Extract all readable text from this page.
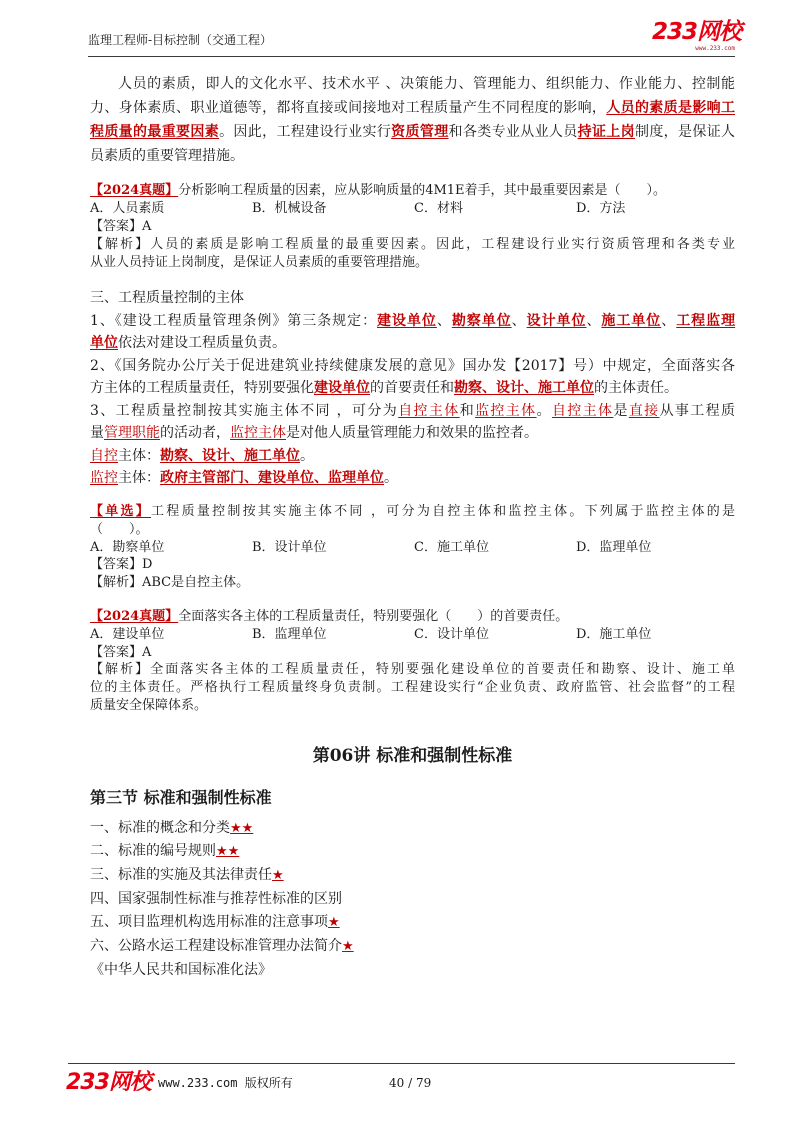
监理工程师-目标控制（交通工程）	233网校
www.233.com
人员的素质，即人的文化水平、技术水平 、决策能力、管理能力、组织能力、作业能力、控制能
力、身体素质、职业道德等，都将直接或间接地对工程质量产生不同程度的影响，人员的素质是影响工
程质量的最重要因素。因此，工程建设行业实行资质管理和各类专业从业人员持证上岗制度，是保证人
员素质的重要管理措施。
【2024真题】分析影响工程质量的因素，应从影响质量的4M1E着手，其中最重要因素是（　　）。
A．人员素质	B．机械设备	C．材料	D．方法
【答案】A
【解析】人员的素质是影响工程质量的最重要因素。因此，工程建设行业实行资质管理和各类专业
从业人员持证上岗制度，是保证人员素质的重要管理措施。
三、工程质量控制的主体
1、《建设工程质量管理条例》第三条规定：建设单位、勘察单位、设计单位、施工单位、工程监理
单位依法对建设工程质量负责。
2、《国务院办公厅关于促进建筑业持续健康发展的意见》国办发【2017】号）中规定，全面落实各
方主体的工程质量责任，特别要强化建设单位的首要责任和勘察、设计、施工单位的主体责任。
3、工程质量控制按其实施主体不同 ，可分为自控主体和监控主体。自控主体是直接从事工程质
量管理职能的活动者，监控主体是对他人质量管理能力和效果的监控者。
自控主体：勘察、设计、施工单位。
监控主体：政府主管部门、建设单位、监理单位。
【单选】工程质量控制按其实施主体不同 ，可分为自控主体和监控主体。下列属于监控主体的是
（　　）。
A．勘察单位	B．设计单位	C．施工单位	D．监理单位
【答案】D
【解析】ABC是自控主体。
【2024真题】全面落实各主体的工程质量责任，特别要强化（　　）的首要责任。
A．建设单位	B．监理单位	C．设计单位	D．施工单位
【答案】A
【解析】全面落实各主体的工程质量责任，特别要强化建设单位的首要责任和勘察、设计、施工单
位的主体责任。严格执行工程质量终身负责制。工程建设实行“企业负责、政府监管、社会监督”的工程
质量安全保障体系。
第06讲 标准和强制性标准
第三节 标准和强制性标准
一、标准的概念和分类★★
二、标准的编号规则★★
三、标准的实施及其法律责任★
四、国家强制性标准与推荐性标准的区别
五、项目监理机构选用标准的注意事项★
六、公路水运工程建设标准管理办法简介★
《中华人民共和国标准化法》
233网校 www.233.com 版权所有	40 / 79
